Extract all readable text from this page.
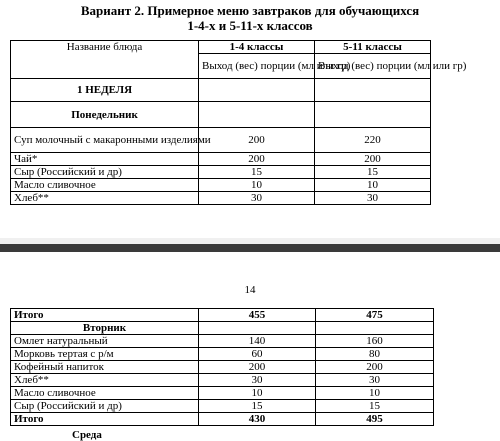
Вариант 2. Примерное меню завтраков для обучающихся
1-4-х и 5-11-х классов
Название блюда	1-4 классы	5-11 классы
	Выход (вес) порции (мл или гр)	Выход (вес) порции (мл или гр)
1 НЕДЕЛЯ		
Понедельник		
Суп молочный с макаронными изделиями	200	220
Чай*	200	200
Сыр (Российский и др)	15	15
Масло сливочное	10	10
Хлеб**	30	30
14
Итого	455	475
Вторник		
Омлет натуральный	140	160
Морковь тертая с р/м	60	80
Кофейный напиток	200	200
Хлеб**	30	30
Масло сливочное	10	10
Сыр (Российский и др)	15	15
Итого	430	495
Среда
